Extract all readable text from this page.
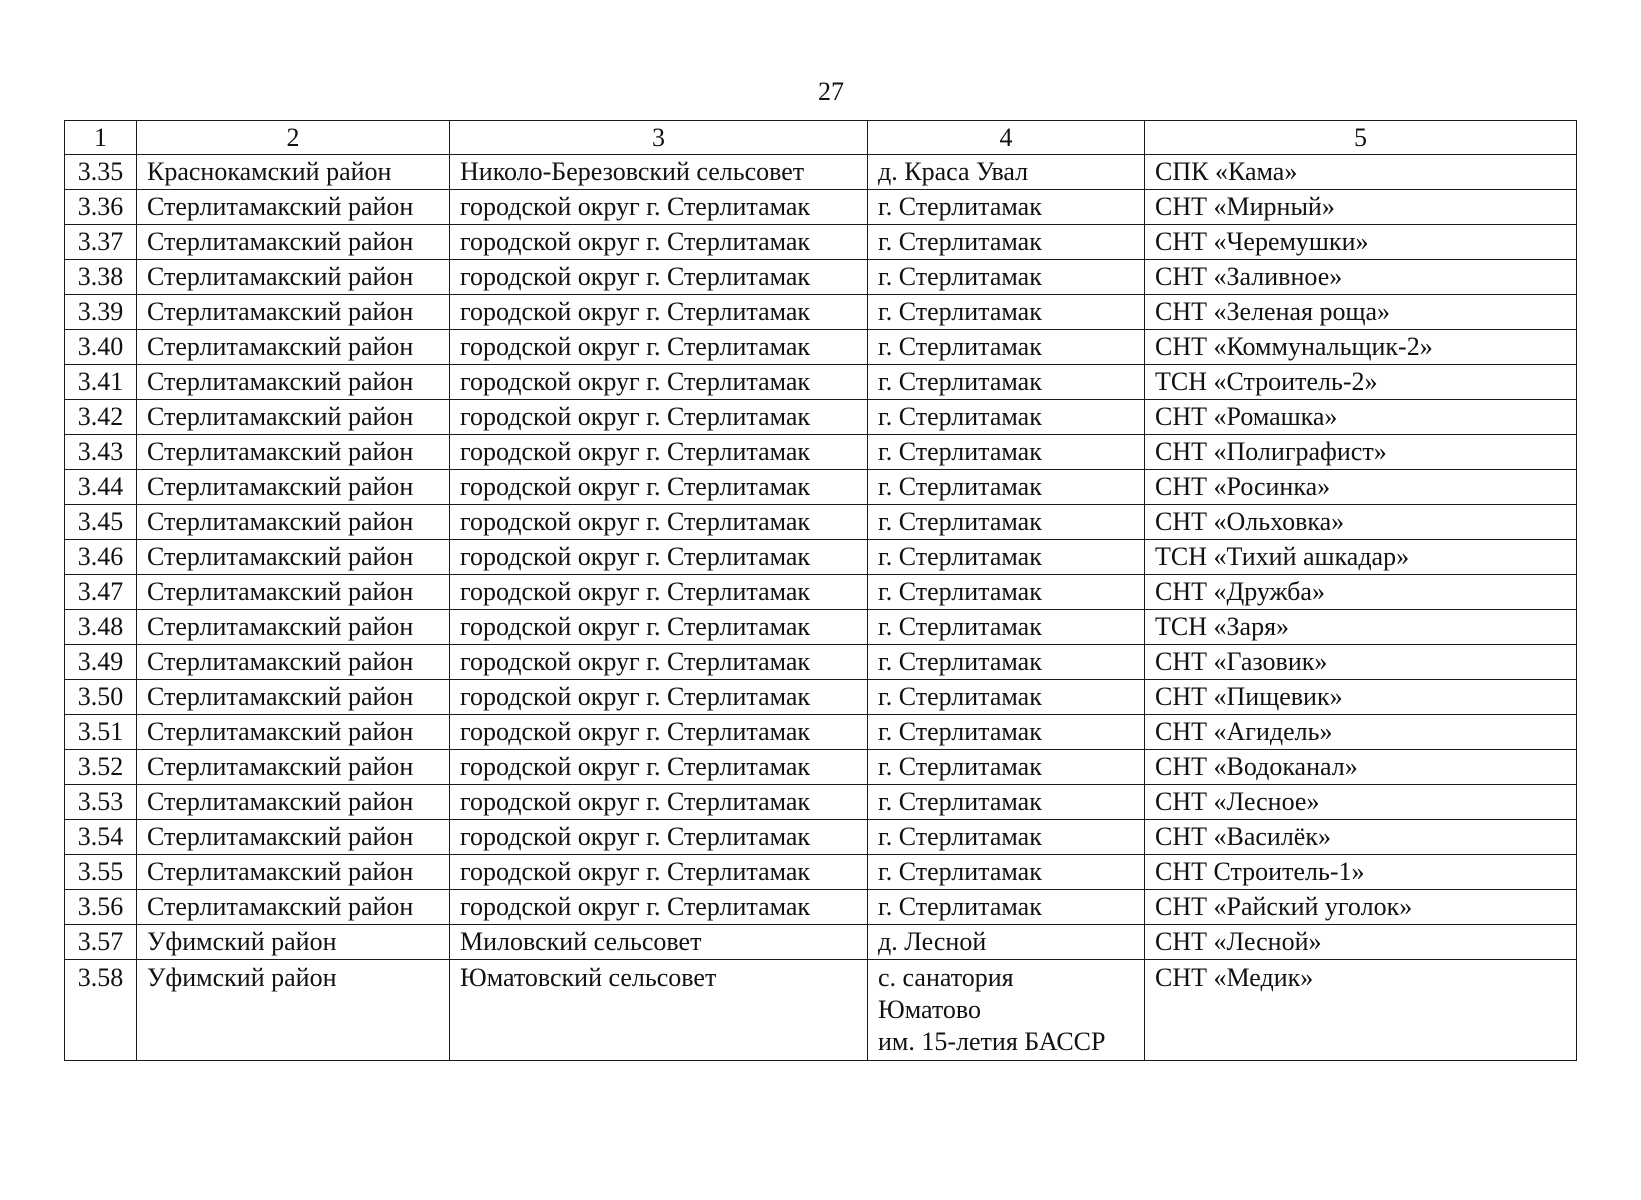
27
1	2	3	4	5
3.35	Краснокамский район	Николо-Березовский сельсовет	д. Краса Увал	СПК «Кама»
3.36	Стерлитамакский район	городской округ г. Стерлитамак	г. Стерлитамак	СНТ «Мирный»
3.37	Стерлитамакский район	городской округ г. Стерлитамак	г. Стерлитамак	СНТ «Черемушки»
3.38	Стерлитамакский район	городской округ г. Стерлитамак	г. Стерлитамак	СНТ «Заливное»
3.39	Стерлитамакский район	городской округ г. Стерлитамак	г. Стерлитамак	СНТ «Зеленая роща»
3.40	Стерлитамакский район	городской округ г. Стерлитамак	г. Стерлитамак	СНТ «Коммунальщик-2»
3.41	Стерлитамакский район	городской округ г. Стерлитамак	г. Стерлитамак	ТСН «Строитель-2»
3.42	Стерлитамакский район	городской округ г. Стерлитамак	г. Стерлитамак	СНТ «Ромашка»
3.43	Стерлитамакский район	городской округ г. Стерлитамак	г. Стерлитамак	СНТ «Полиграфист»
3.44	Стерлитамакский район	городской округ г. Стерлитамак	г. Стерлитамак	СНТ «Росинка»
3.45	Стерлитамакский район	городской округ г. Стерлитамак	г. Стерлитамак	СНТ «Ольховка»
3.46	Стерлитамакский район	городской округ г. Стерлитамак	г. Стерлитамак	ТСН «Тихий ашкадар»
3.47	Стерлитамакский район	городской округ г. Стерлитамак	г. Стерлитамак	СНТ «Дружба»
3.48	Стерлитамакский район	городской округ г. Стерлитамак	г. Стерлитамак	ТСН «Заря»
3.49	Стерлитамакский район	городской округ г. Стерлитамак	г. Стерлитамак	СНТ «Газовик»
3.50	Стерлитамакский район	городской округ г. Стерлитамак	г. Стерлитамак	СНТ «Пищевик»
3.51	Стерлитамакский район	городской округ г. Стерлитамак	г. Стерлитамак	СНТ «Агидель»
3.52	Стерлитамакский район	городской округ г. Стерлитамак	г. Стерлитамак	СНТ «Водоканал»
3.53	Стерлитамакский район	городской округ г. Стерлитамак	г. Стерлитамак	СНТ «Лесное»
3.54	Стерлитамакский район	городской округ г. Стерлитамак	г. Стерлитамак	СНТ «Василёк»
3.55	Стерлитамакский район	городской округ г. Стерлитамак	г. Стерлитамак	СНТ Строитель-1»
3.56	Стерлитамакский район	городской округ г. Стерлитамак	г. Стерлитамак	СНТ «Райский уголок»
3.57	Уфимский район	Миловский сельсовет	д. Лесной	СНТ «Лесной»
3.58	Уфимский район	Юматовский сельсовет	с. санатория
Юматово
им. 15-летия БАССР	СНТ «Медик»
